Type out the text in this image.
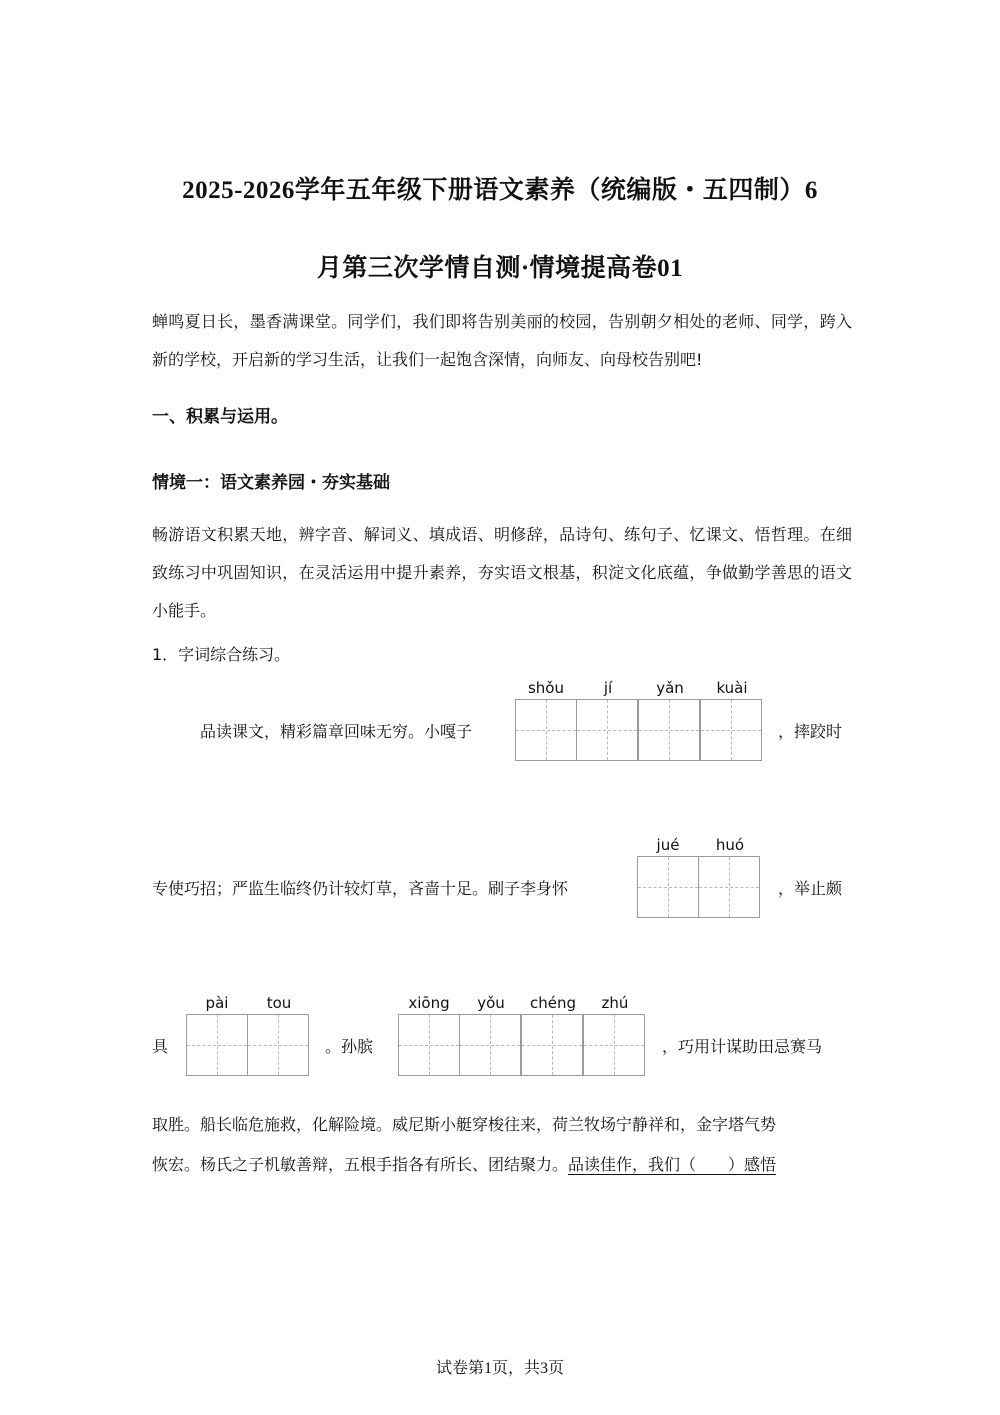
2025-2026学年五年级下册语文素养（统编版・五四制）6
月第三次学情自测·情境提高卷01
蝉鸣夏日长，墨香满课堂。同学们，我们即将告别美丽的校园，告别朝夕相处的老师、同学，跨入新的学校，开启新的学习生活，让我们一起饱含深情，向师友、向母校告别吧!
一、积累与运用。
情境一：语文素养园・夯实基础
畅游语文积累天地，辨字音、解词义、填成语、明修辞，品诗句、练句子、忆课文、悟哲理。在细致练习中巩固知识，在灵活运用中提升素养，夯实语文根基，积淀文化底蕴，争做勤学善思的语文小能手。
1．字词综合练习。
品读课文，精彩篇章回味无穷。小嘎子
shǒu	jí	yǎn	kuài
，摔跤时
专使巧招；严监生临终仍计较灯草，吝啬十足。刷子李身怀
jué	huó
，举止颇
具
pài	tou
。孙膑
xiōng	yǒu	chéng	zhú
，巧用计谋助田忌赛马
取胜。船长临危施救，化解险境。威尼斯小艇穿梭往来，荷兰牧场宁静祥和，金字塔气势
恢宏。杨氏之子机敏善辩，五根手指各有所长、团结聚力。品读佳作，我们（　　）感悟
试卷第1页，共3页
